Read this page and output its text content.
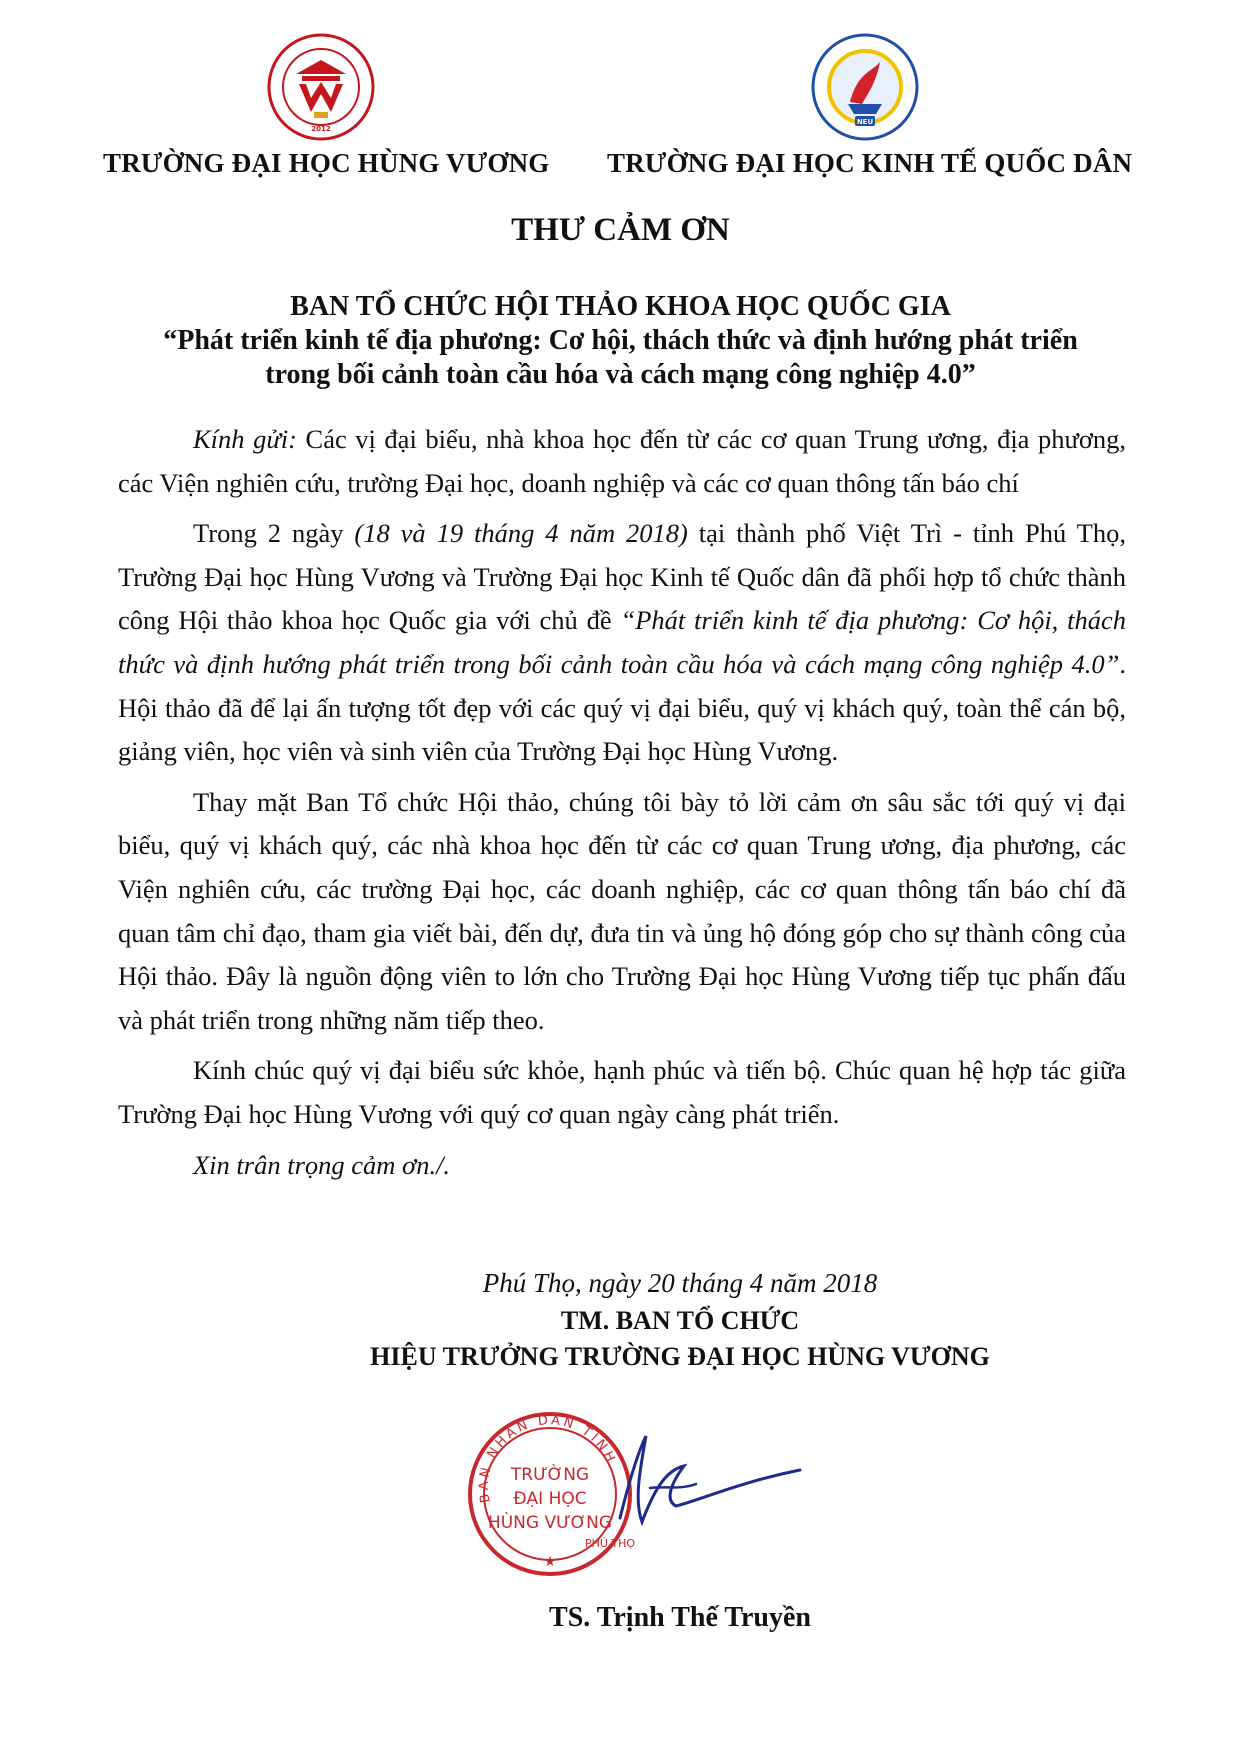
2012
NEU
TRƯỜNG ĐẠI HỌC HÙNG VƯƠNG TRƯỜNG ĐẠI HỌC KINH TẾ QUỐC DÂN
THƯ CẢM ƠN
BAN TỔ CHỨC HỘI THẢO KHOA HỌC QUỐC GIA
“Phát triển kinh tế địa phương: Cơ hội, thách thức và định hướng phát triển
trong bối cảnh toàn cầu hóa và cách mạng công nghiệp 4.0”

Kính gửi: Các vị đại biểu, nhà khoa học đến từ các cơ quan Trung ương, địa phương, các Viện nghiên cứu, trường Đại học, doanh nghiệp và các cơ quan thông tấn báo chí

Trong 2 ngày (18 và 19 tháng 4 năm 2018) tại thành phố Việt Trì - tỉnh Phú Thọ, Trường Đại học Hùng Vương và Trường Đại học Kinh tế Quốc dân đã phối hợp tổ chức thành công Hội thảo khoa học Quốc gia với chủ đề “Phát triển kinh tế địa phương: Cơ hội, thách thức và định hướng phát triển trong bối cảnh toàn cầu hóa và cách mạng công nghiệp 4.0”. Hội thảo đã để lại ấn tượng tốt đẹp với các quý vị đại biểu, quý vị khách quý, toàn thể cán bộ, giảng viên, học viên và sinh viên của Trường Đại học Hùng Vương.

Thay mặt Ban Tổ chức Hội thảo, chúng tôi bày tỏ lời cảm ơn sâu sắc tới quý vị đại biểu, quý vị khách quý, các nhà khoa học đến từ các cơ quan Trung ương, địa phương, các Viện nghiên cứu, các trường Đại học, các doanh nghiệp, các cơ quan thông tấn báo chí đã quan tâm chỉ đạo, tham gia viết bài, đến dự, đưa tin và ủng hộ đóng góp cho sự thành công của Hội thảo. Đây là nguồn động viên to lớn cho Trường Đại học Hùng Vương tiếp tục phấn đấu và phát triển trong những năm tiếp theo.

Kính chúc quý vị đại biểu sức khỏe, hạnh phúc và tiến bộ. Chúc quan hệ hợp tác giữa Trường Đại học Hùng Vương với quý cơ quan ngày càng phát triển.

Xin trân trọng cảm ơn./.

Phú Thọ, ngày 20 tháng 4 năm 2018
TM. BAN TỔ CHỨC
HIỆU TRƯỞNG TRƯỜNG ĐẠI HỌC HÙNG VƯƠNG
BAN NHÂN DÂN TỈNH
TRƯỜNG
ĐẠI HỌC
HÙNG VƯƠNG
PHÚ THỌ
★
TS. Trịnh Thế Truyền
